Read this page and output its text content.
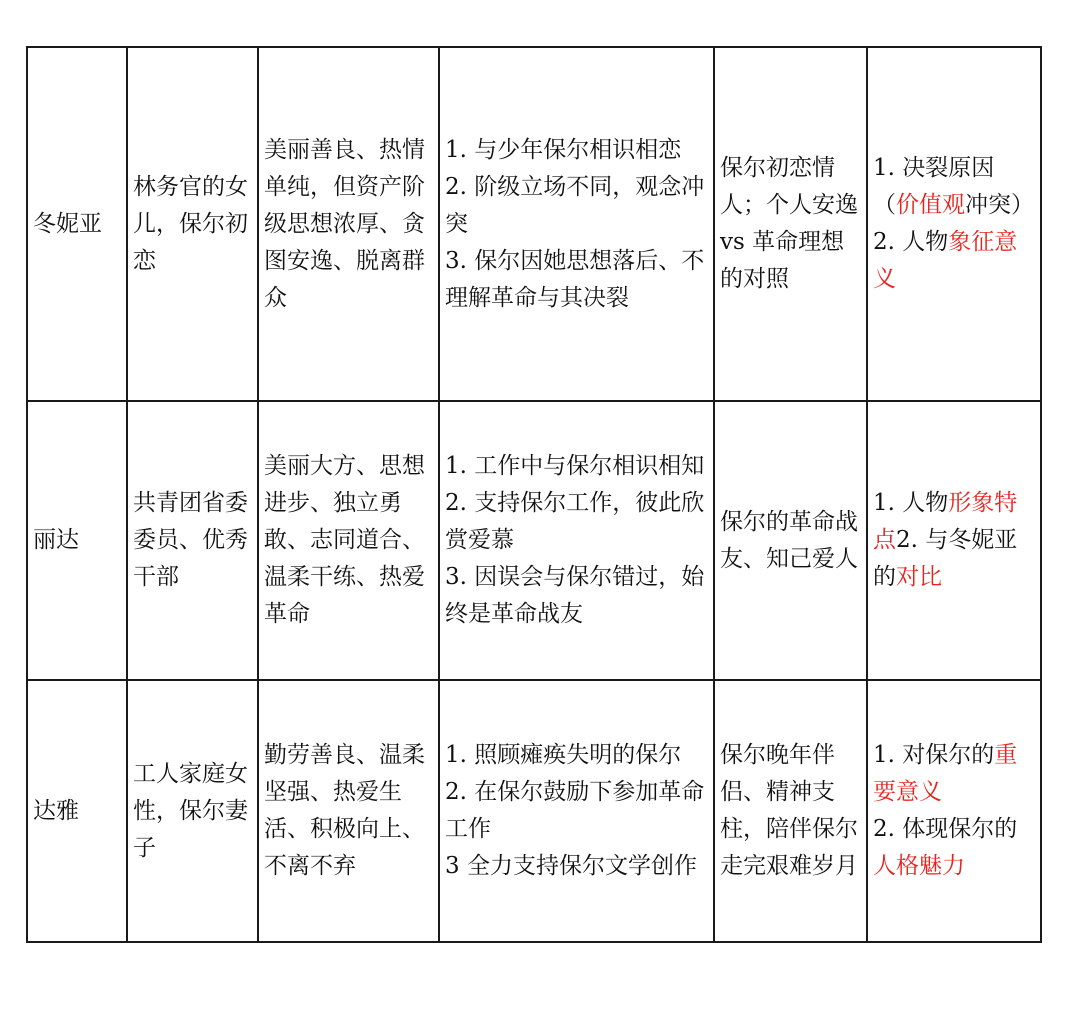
冬妮亚	林务官的女儿，保尔初恋	美丽善良、热情单纯，但资产阶级思想浓厚、贪图安逸、脱离群众	1. 与少年保尔相识相恋
2. 阶级立场不同，观念冲突
3. 保尔因她思想落后、不理解革命与其决裂	保尔初恋情人；个人安逸 vs 革命理想的对照	1. 决裂原因
（价值观冲突）
2. 人物象征意义

丽达	共青团省委委员、优秀干部	美丽大方、思想进步、独立勇敢、志同道合、温柔干练、热爱革命	1. 工作中与保尔相识相知
2. 支持保尔工作，彼此欣赏爱慕
3. 因误会与保尔错过，始终是革命战友	保尔的革命战友、知己爱人	1. 人物形象特点2. 与冬妮亚的对比
达雅	工人家庭女性，保尔妻子	勤劳善良、温柔坚强、热爱生活、积极向上、不离不弃	1. 照顾瘫痪失明的保尔
2. 在保尔鼓励下参加革命工作
3 全力支持保尔文学创作	保尔晚年伴侣、精神支柱，陪伴保尔走完艰难岁月	1. 对保尔的重要意义
2. 体现保尔的人格魅力
